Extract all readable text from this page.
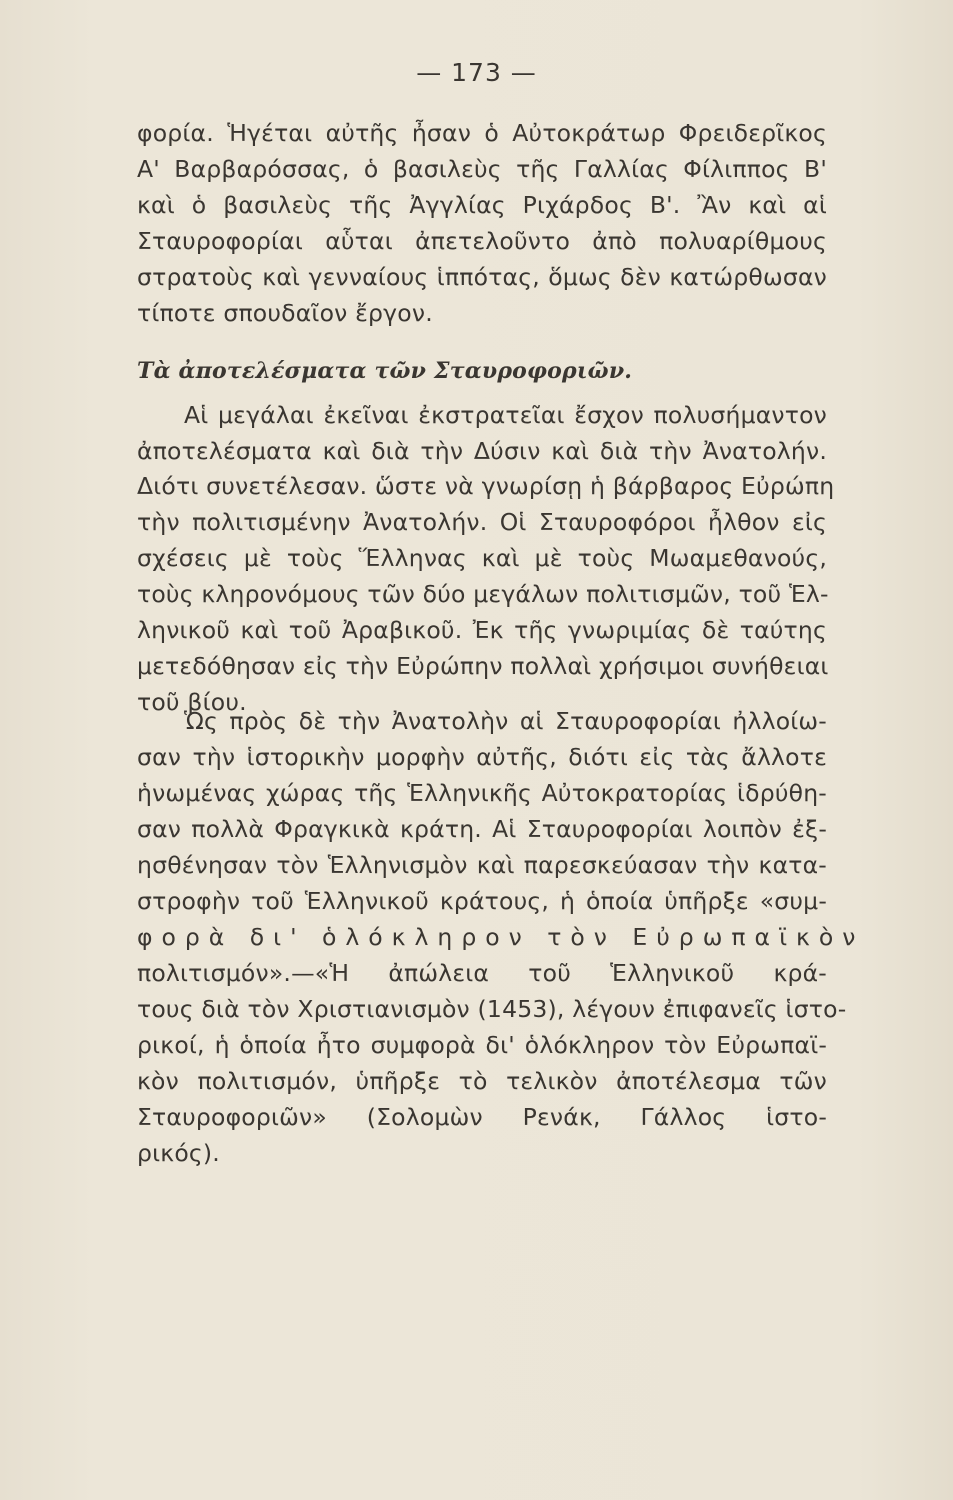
— 173 —
φορία. Ἡγέται αὐτῆς ἦσαν ὁ Αὐτοκράτωρ Φρειδερῖκος
Α' Βαρβαρόσσας, ὁ βασιλεὺς τῆς Γαλλίας Φίλιππος Β'
καὶ ὁ βασιλεὺς τῆς Ἀγγλίας Ριχάρδος Β'. Ἂν καὶ αἱ
Σταυροφορίαι αὗται ἀπετελοῦντο ἀπὸ πολυαρίθμους
στρατοὺς καὶ γενναίους ἱππότας, ὅμως δὲν κατώρθωσαν
τίποτε σπουδαῖον ἔργον.
Τὰ ἀποτελέσματα τῶν Σταυροφοριῶν.
Αἱ μεγάλαι ἐκεῖναι ἐκστρατεῖαι ἔσχον πολυσήμαντον
ἀποτελέσματα καὶ διὰ τὴν Δύσιν καὶ διὰ τὴν Ἀνατολήν.
Διότι συνετέλεσαν. ὥστε νὰ γνωρίσῃ ἡ βάρβαρος Εὐρώπη
τὴν πολιτισμένην Ἀνατολήν. Οἱ Σταυροφόροι ἦλθον εἰς
σχέσεις μὲ τοὺς Ἕλληνας καὶ μὲ τοὺς Μωαμεθανούς,
τοὺς κληρονόμους τῶν δύο μεγάλων πολιτισμῶν, τοῦ Ἑλ-
ληνικοῦ καὶ τοῦ Ἀραβικοῦ. Ἐκ τῆς γνωριμίας δὲ ταύτης
μετεδόθησαν εἰς τὴν Εὐρώπην πολλαὶ χρήσιμοι συνήθειαι
τοῦ βίου.
Ὡς πρὸς δὲ τὴν Ἀνατολὴν αἱ Σταυροφορίαι ἠλλοίω-
σαν τὴν ἱστορικὴν μορφὴν αὐτῆς, διότι εἰς τὰς ἄλλοτε
ἡνωμένας χώρας τῆς Ἑλληνικῆς Αὐτοκρατορίας ἱδρύθη-
σαν πολλὰ Φραγκικὰ κράτη. Αἱ Σταυροφορίαι λοιπὸν ἐξ-
ησθένησαν τὸν Ἑλληνισμὸν καὶ παρεσκεύασαν τὴν κατα-
στροφὴν τοῦ Ἑλληνικοῦ κράτους, ἡ ὁποία ὑπῆρξε «συμ-
φορὰ δι' ὁλόκληρον τὸν Εὐρωπαϊκὸν
πολιτισμόν».—«Ἡ ἀπώλεια τοῦ Ἑλληνικοῦ κρά-
τους διὰ τὸν Χριστιανισμὸν (1453), λέγουν ἐπιφανεῖς ἱστο-
ρικοί, ἡ ὁποία ἦτο συμφορὰ δι' ὁλόκληρον τὸν Εὐρωπαϊ-
κὸν πολιτισμόν, ὑπῆρξε τὸ τελικὸν ἀποτέλεσμα τῶν
Σταυροφοριῶν» (Σολομὼν Ρενάκ, Γάλλος ἱστο-
ρικός).
